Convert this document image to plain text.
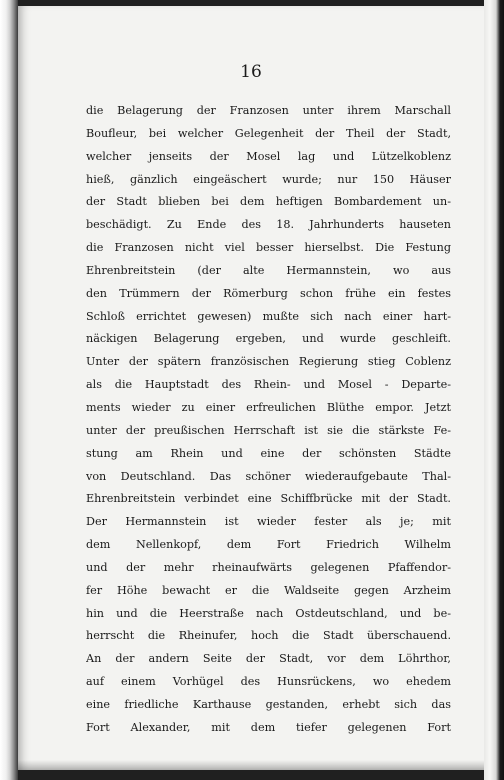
16
die Belagerung der Franzosen unter ihrem Marschall
Boufleur, bei welcher Gelegenheit der Theil der Stadt,
welcher jenseits der Mosel lag und Lützelkoblenz
hieß, gänzlich eingeäschert wurde; nur 150 Häuser
der Stadt blieben bei dem heftigen Bombardement un-
beschädigt. Zu Ende des 18. Jahrhunderts hauseten
die Franzosen nicht viel besser hierselbst. Die Festung
Ehrenbreitstein (der alte Hermannstein, wo aus
den Trümmern der Römerburg schon frühe ein festes
Schloß errichtet gewesen) mußte sich nach einer hart-
näckigen Belagerung ergeben, und wurde geschleift.
Unter der spätern französischen Regierung stieg Coblenz
als die Hauptstadt des Rhein- und Mosel - Departe-
ments wieder zu einer erfreulichen Blüthe empor. Jetzt
unter der preußischen Herrschaft ist sie die stärkste Fe-
stung am Rhein und eine der schönsten Städte
von Deutschland. Das schöner wiederaufgebaute Thal-
Ehrenbreitstein verbindet eine Schiffbrücke mit der Stadt.
Der Hermannstein ist wieder fester als je; mit
dem Nellenkopf, dem Fort Friedrich Wilhelm
und der mehr rheinaufwärts gelegenen Pfaffendor-
fer Höhe bewacht er die Waldseite gegen Arzheim
hin und die Heerstraße nach Ostdeutschland, und be-
herrscht die Rheinufer, hoch die Stadt überschauend.
An der andern Seite der Stadt, vor dem Löhrthor,
auf einem Vorhügel des Hunsrückens, wo ehedem
eine friedliche Karthause gestanden, erhebt sich das
Fort Alexander, mit dem tiefer gelegenen Fort
